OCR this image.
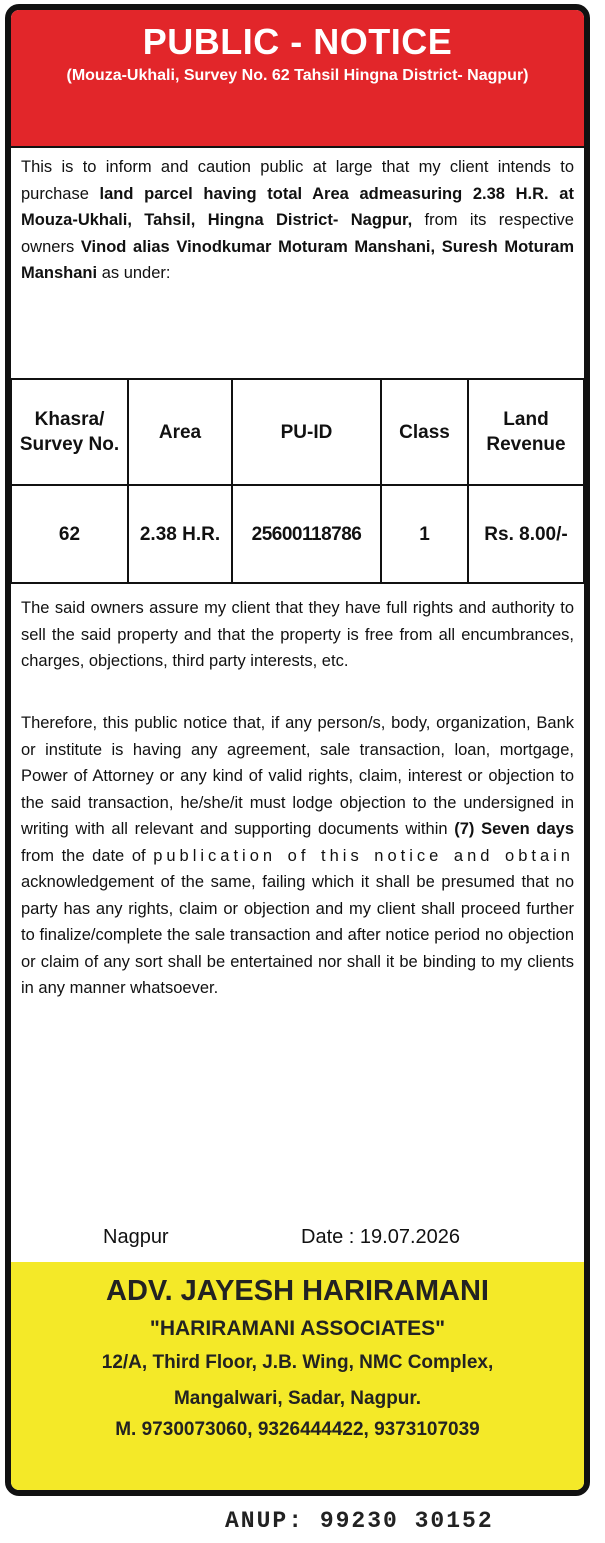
PUBLIC - NOTICE
(Mouza-Ukhali, Survey No. 62 Tahsil Hingna District- Nagpur)
This is to inform and caution public at large that my client intends to purchase land parcel having total Area admeasuring 2.38 H.R. at Mouza-Ukhali, Tahsil, Hingna District- Nagpur, from its respective owners Vinod alias Vinodkumar Moturam Manshani, Suresh Moturam Manshani as under:
Khasra/ Survey No.	Area	PU-ID	Class	Land Revenue
62	2.38 H.R.	25600118786	1	Rs. 8.00/-
The said owners assure my client that they have full rights and authority to sell the said property and that the property is free from all encumbrances, charges, objections, third party interests, etc.
Therefore, this public notice that, if any person/s, body, organization, Bank or institute is having any agreement, sale transaction, loan, mortgage, Power of Attorney or any kind of valid rights, claim, interest or objection to the said transaction, he/she/it must lodge objection to the undersigned in writing with all relevant and supporting documents within (7) Seven days from the date of publication of this notice and obtain acknowledgement of the same, failing which it shall be presumed that no party has any rights, claim or objection and my client shall proceed further to finalize/complete the sale transaction and after notice period no objection or claim of any sort shall be entertained nor shall it be binding to my clients in any manner whatsoever.
Nagpur	Date : 19.07.2026
ADV. JAYESH HARIRAMANI
"HARIRAMANI ASSOCIATES"
12/A, Third Floor, J.B. Wing, NMC Complex,
Mangalwari, Sadar, Nagpur.
M. 9730073060, 9326444422, 9373107039
ANUP: 99230 30152
